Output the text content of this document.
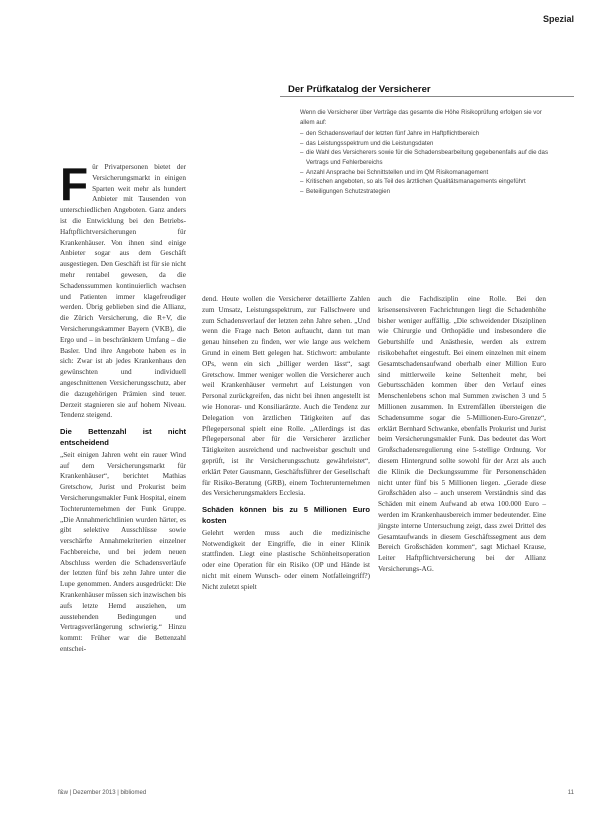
Spezial
Der Prüfkatalog der Versicherer

Wenn die Versicherer über Verträge das gesamte die Höhe Risikoprüfung erfolgen sie vor allem auf:

– den Schadensverlauf der letzten fünf Jahre im Haftpflichtbereich
– das Leistungsspektrum und die Leistungsdaten
– die Wahl des Versicherers sowie für die Schadensbearbeitung gegebenenfalls auf die das Vertrags und Fehlerbereichs
– Anzahl Ansprache bei Schnittstellen und im QM Risikomanagement
– Kritischen angeboten, so als Teil des ärztlichen Qualitätsmanagements eingeführt
– Beteiligungen Schutzstrategien
F ür Privatpersonen bietet der Versicherungsmarkt in einigen Sparten weit mehr als hundert Anbieter mit Tausenden von unterschiedlichen Angeboten. Ganz anders ist die Entwicklung bei den Betriebs-Haftpflichtversicherungen für Krankenhäuser. Von ihnen sind einige Anbieter sogar aus dem Geschäft ausgestiegen. Den Geschäft ist für sie nicht mehr rentabel gewesen, da die Schadenssummen kontinuierlich wachsen und Patienten immer klagefreudiger werden. Übrig geblieben sind die Allianz, die Zürich Versicherung, die R+V, die Versicherungskammer Bayern (VKB), die Ergo und – in beschränktem Umfang – die Basler. Und ihre Angebote haben es in sich: Zwar ist ab jedes Krankenhaus den gewünschten und individuell angeschnittenen Versicherungsschutz, aber die dazugehörigen Prämien sind teuer. Derzeit stagnieren sie auf hohem Niveau. Tendenz steigend.

Die Bettenzahl ist nicht entscheidend

„Seit einigen Jahren weht ein rauer Wind auf dem Versicherungsmarkt für Krankenhäuser“, berichtet Mathias Gretschow, Jurist und Prokurist beim Versicherungsmakler Funk Hospital, einem Tochterunternehmen der Funk Gruppe. „Die Annahmerichtlinien wurden härter, es gibt selektive Ausschlüsse sowie verschärfte Annahmekriterien einzelner Fachbereiche, und bei jedem neuen Abschluss werden die Schadensverläufe der letzten fünf bis zehn Jahre unter die Lupe genommen. Anders ausgedrückt: Die Krankenhäuser müssen sich inzwischen bis aufs letzte Hemd ausziehen, um ausstehenden Bedingungen und Vertragsverlängerung schwierig.“ Hinzu kommt: Früher war die Bettenzahl entschei-

dend. Heute wollen die Versicherer detaillierte Zahlen zum Umsatz, Leistungsspektrum, zur Fallschwere und zum Schadensverlauf der letzten zehn Jahre sehen. „Und wenn die Frage nach Beton auftaucht, dann tut man genau hinsehen zu finden, wer wie lange aus welchem Grund in einem Bett gelegen hat. Stichwort: ambulante OPs, wenn ein sich „billiger werden lässt“, sagt Gretschow. Immer weniger wollen die Versicherer auch weil Krankenhäuser vermehrt auf Leistungen von Personal zurückgreifen, das nicht bei ihnen angestellt ist wie Honorar- und Konsiliarärzte. Auch die Tendenz zur Delegation von ärztlichen Tätigkeiten auf das Pflegepersonal spielt eine Rolle. „Allerdings ist das Pflegepersonal aber für die Versicherer ärztlicher Tätigkeiten ausreichend und nachweisbar geschult und geprüft, ist ihr Versicherungsschutz gewährleistet“, erklärt Peter Gausmann, Geschäftsführer der Gesellschaft für Risiko-Beratung (GRB), einem Tochterunternehmen des Versicherungsmaklers Ecclesia.

Schäden können bis zu 5 Millionen Euro kosten

Gelehrt werden muss auch die medizinische Notwendigkeit der Eingriffe, die in einer Klinik stattfinden. Liegt eine plastische Schönheitsoperation oder eine Operation für ein Risiko (OP und Hände ist nicht mit einem Wunsch- oder einem Notfalleingriff?) Nicht zuletzt spielt

auch die Fachdisziplin eine Rolle. Bei den krisensensiveren Fachrichtungen liegt die Schadenhöhe bisher weniger auffällig. „Die schweidender Disziplinen wie Chirurgie und Orthopädie und insbesondere die Geburtshilfe und Anästhesie, werden als extrem risikobehaftet eingestuft. Bei einem einzelnen mit einem Gesamtschadensaufwand oberhalb einer Million Euro sind mittlerweile keine Seltenheit mehr, bei Geburtsschäden kommen über den Verlauf eines Menschenlebens schon mal Summen zwischen 3 und 5 Millionen zusammen. In Extremfällen übersteigen die Schadensumme sogar die 5-Millionen-Euro-Grenze“, erklärt Bernhard Schwanke, ebenfalls Prokurist und Jurist beim Versicherungsmakler Funk. Das bedeutet das Wort Großschadensregulierung eine 5-stellige Ordnung. Vor diesem Hintergrund sollte sowohl für der Arzt als auch die Klinik die Deckungssumme für Personenschäden nicht unter fünf bis 5 Millionen liegen. „Gerade diese Großschäden also – auch unserem Verständnis sind das Schäden mit einem Aufwand ab etwa 100.000 Euro – werden im Krankenhausbereich immer bedeutender. Eine jüngste interne Untersuchung zeigt, dass zwei Drittel des Gesamtaufwands in diesem Geschäftssegment aus dem Bereich Großschäden kommen“, sagt Michael Krause, Leiter Haftpflichtversicherung bei der Allianz Versicherungs-AG.

f&w | Dezember 2013 | bibliomed	11
